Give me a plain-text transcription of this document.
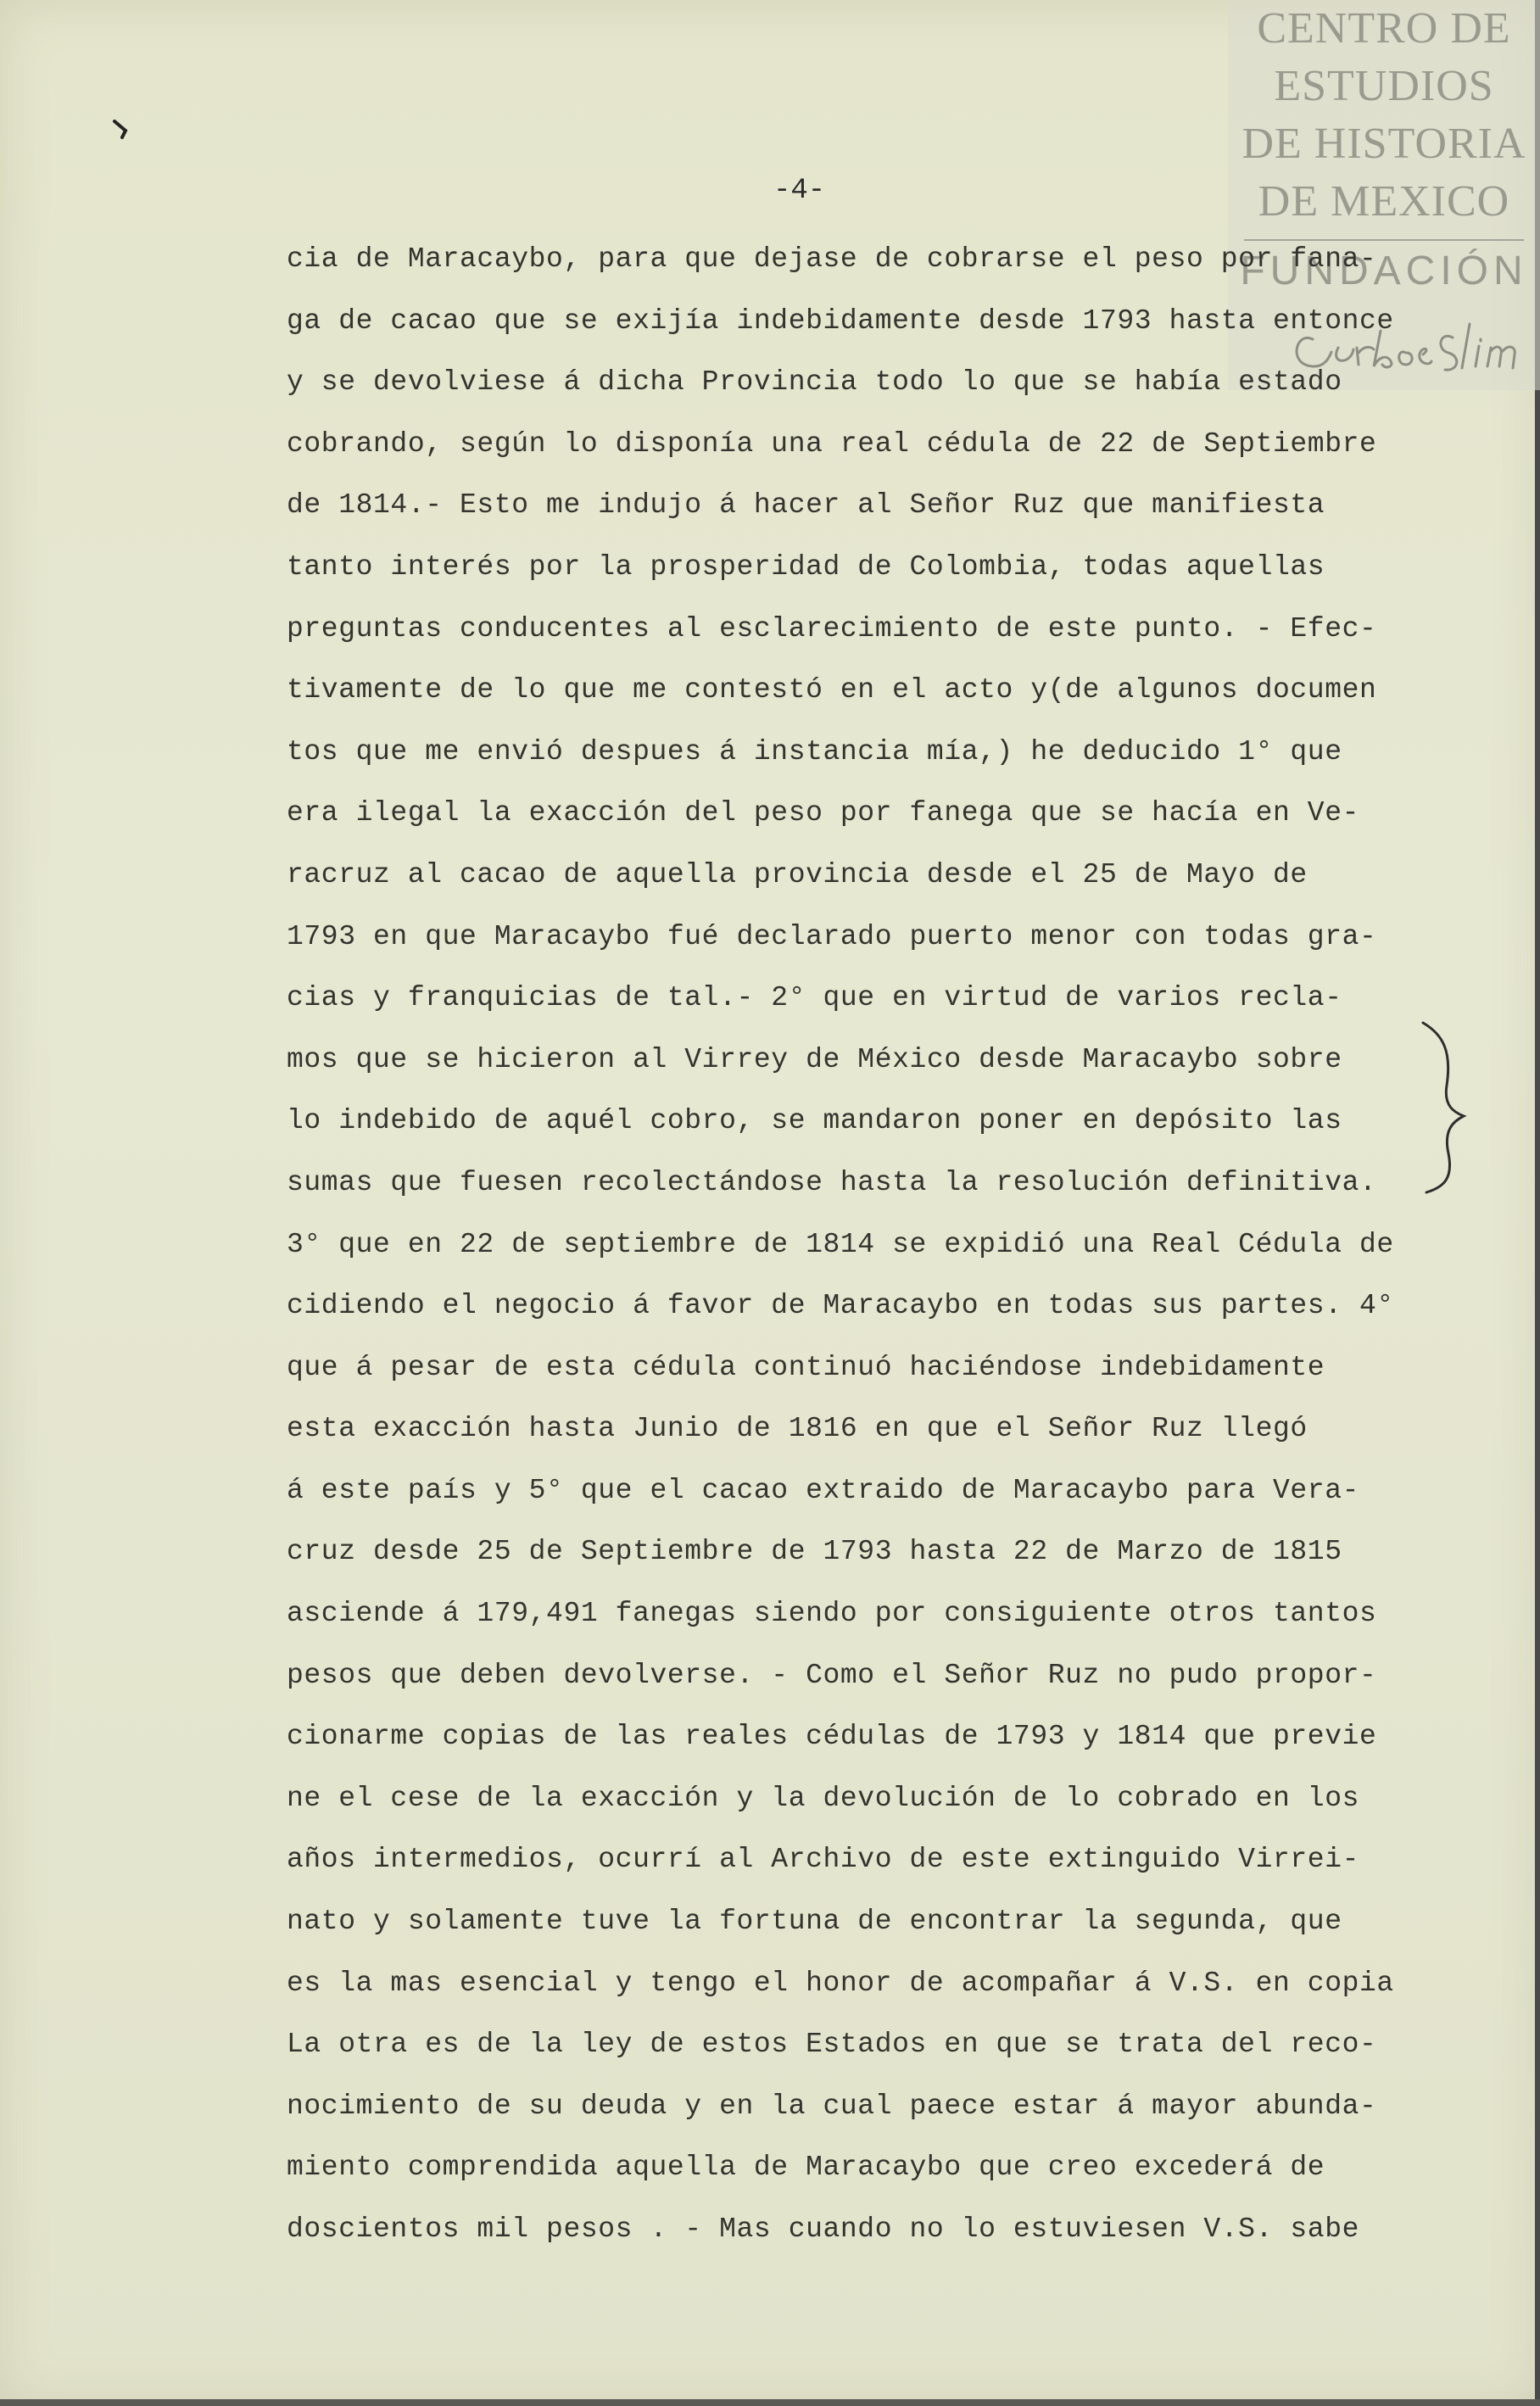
CENTRO DE
ESTUDIOS
DE HISTORIA
DE MEXICO
FUNDACIÓN
-4-
cia de Maracaybo, para que dejase de cobrarse el peso por fana-
ga de cacao que se exijía indebidamente desde 1793 hasta entonce
y se devolviese á dicha Provincia todo lo que se había estado
cobrando, según lo disponía una real cédula de 22 de Septiembre
de 1814.- Esto me indujo á hacer al Señor Ruz que manifiesta
tanto interés por la prosperidad de Colombia, todas aquellas
preguntas conducentes al esclarecimiento de este punto. - Efec-
tivamente de lo que me contestó en el acto y(de algunos documen
tos que me envió despues á instancia mía,) he deducido 1° que
era ilegal la exacción del peso por fanega que se hacía en Ve-
racruz al cacao de aquella provincia desde el 25 de Mayo de
1793 en que Maracaybo fué declarado puerto menor con todas gra-
cias y franquicias de tal.- 2° que en virtud de varios recla-
mos que se hicieron al Virrey de México desde Maracaybo sobre
lo indebido de aquél cobro, se mandaron poner en depósito las
sumas que fuesen recolectándose hasta la resolución definitiva.
3° que en 22 de septiembre de 1814 se expidió una Real Cédula de
cidiendo el negocio á favor de Maracaybo en todas sus partes. 4°
que á pesar de esta cédula continuó haciéndose indebidamente
esta exacción hasta Junio de 1816 en que el Señor Ruz llegó
á este país y 5° que el cacao extraido de Maracaybo para Vera-
cruz desde 25 de Septiembre de 1793 hasta 22 de Marzo de 1815
asciende á 179,491 fanegas siendo por consiguiente otros tantos
pesos que deben devolverse. - Como el Señor Ruz no pudo propor-
cionarme copias de las reales cédulas de 1793 y 1814 que previe
ne el cese de la exacción y la devolución de lo cobrado en los
años intermedios, ocurrí al Archivo de este extinguido Virrei-
nato y solamente tuve la fortuna de encontrar la segunda, que
es la mas esencial y tengo el honor de acompañar á V.S. en copia
La otra es de la ley de estos Estados en que se trata del reco-
nocimiento de su deuda y en la cual paece estar á mayor abunda-
miento comprendida aquella de Maracaybo que creo excederá de
doscientos mil pesos . - Mas cuando no lo estuviesen V.S. sabe
